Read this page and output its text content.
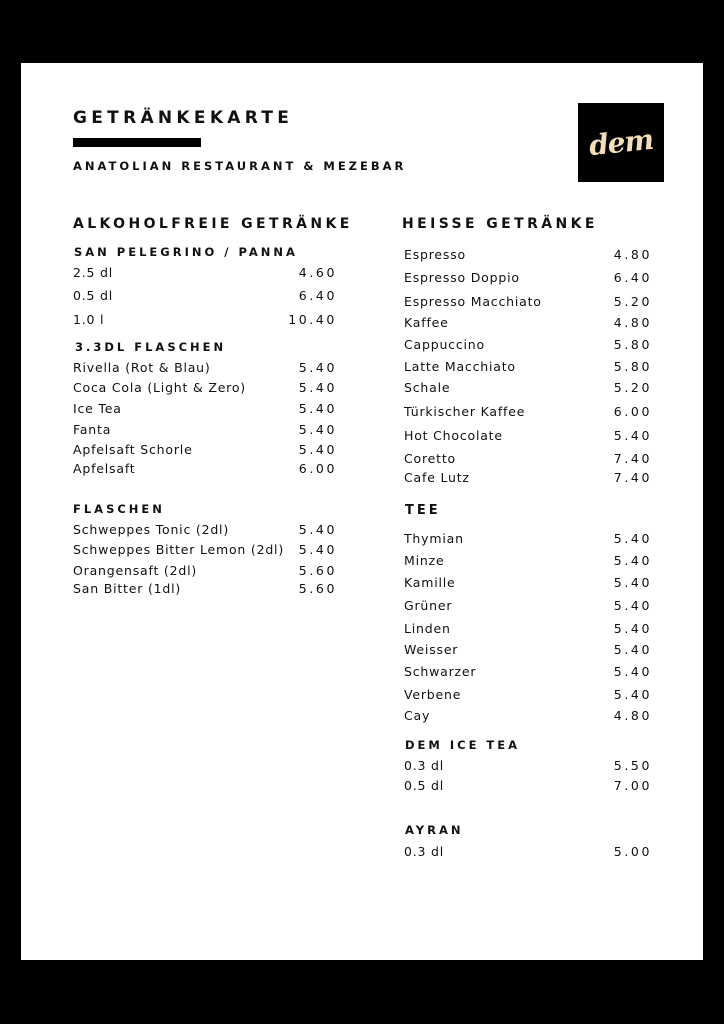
GETRÄNKEKARTE
ANATOLIAN RESTAURANT & MEZEBAR
dem
ALKOHOLFREIE GETRÄNKE
SAN PELEGRINO / PANNA
2.5 dl	4.60
0.5 dl	6.40
1.0 l	10.40
3.3DL FLASCHEN
Rivella (Rot & Blau)	5.40
Coca Cola (Light & Zero)	5.40
Ice Tea	5.40
Fanta	5.40
Apfelsaft Schorle	5.40
Apfelsaft	6.00
FLASCHEN
Schweppes Tonic (2dl)	5.40
Schweppes Bitter Lemon (2dl) 5.40
Orangensaft (2dl)	5.60
San Bitter (1dl)	5.60
HEISSE GETRÄNKE
Espresso	4.80
Espresso Doppio	6.40
Espresso Macchiato	5.20
Kaffee	4.80
Cappuccino	5.80
Latte Macchiato	5.80
Schale	5.20
Türkischer Kaffee	6.00
Hot Chocolate	5.40
Coretto	7.40
Cafe Lutz	7.40
TEE
Thymian	5.40
Minze	5.40
Kamille	5.40
Grüner	5.40
Linden	5.40
Weisser	5.40
Schwarzer	5.40
Verbene	5.40
Cay	4.80
DEM ICE TEA
0.3 dl	5.50
0.5 dl	7.00
AYRAN
0.3 dl	5.00
